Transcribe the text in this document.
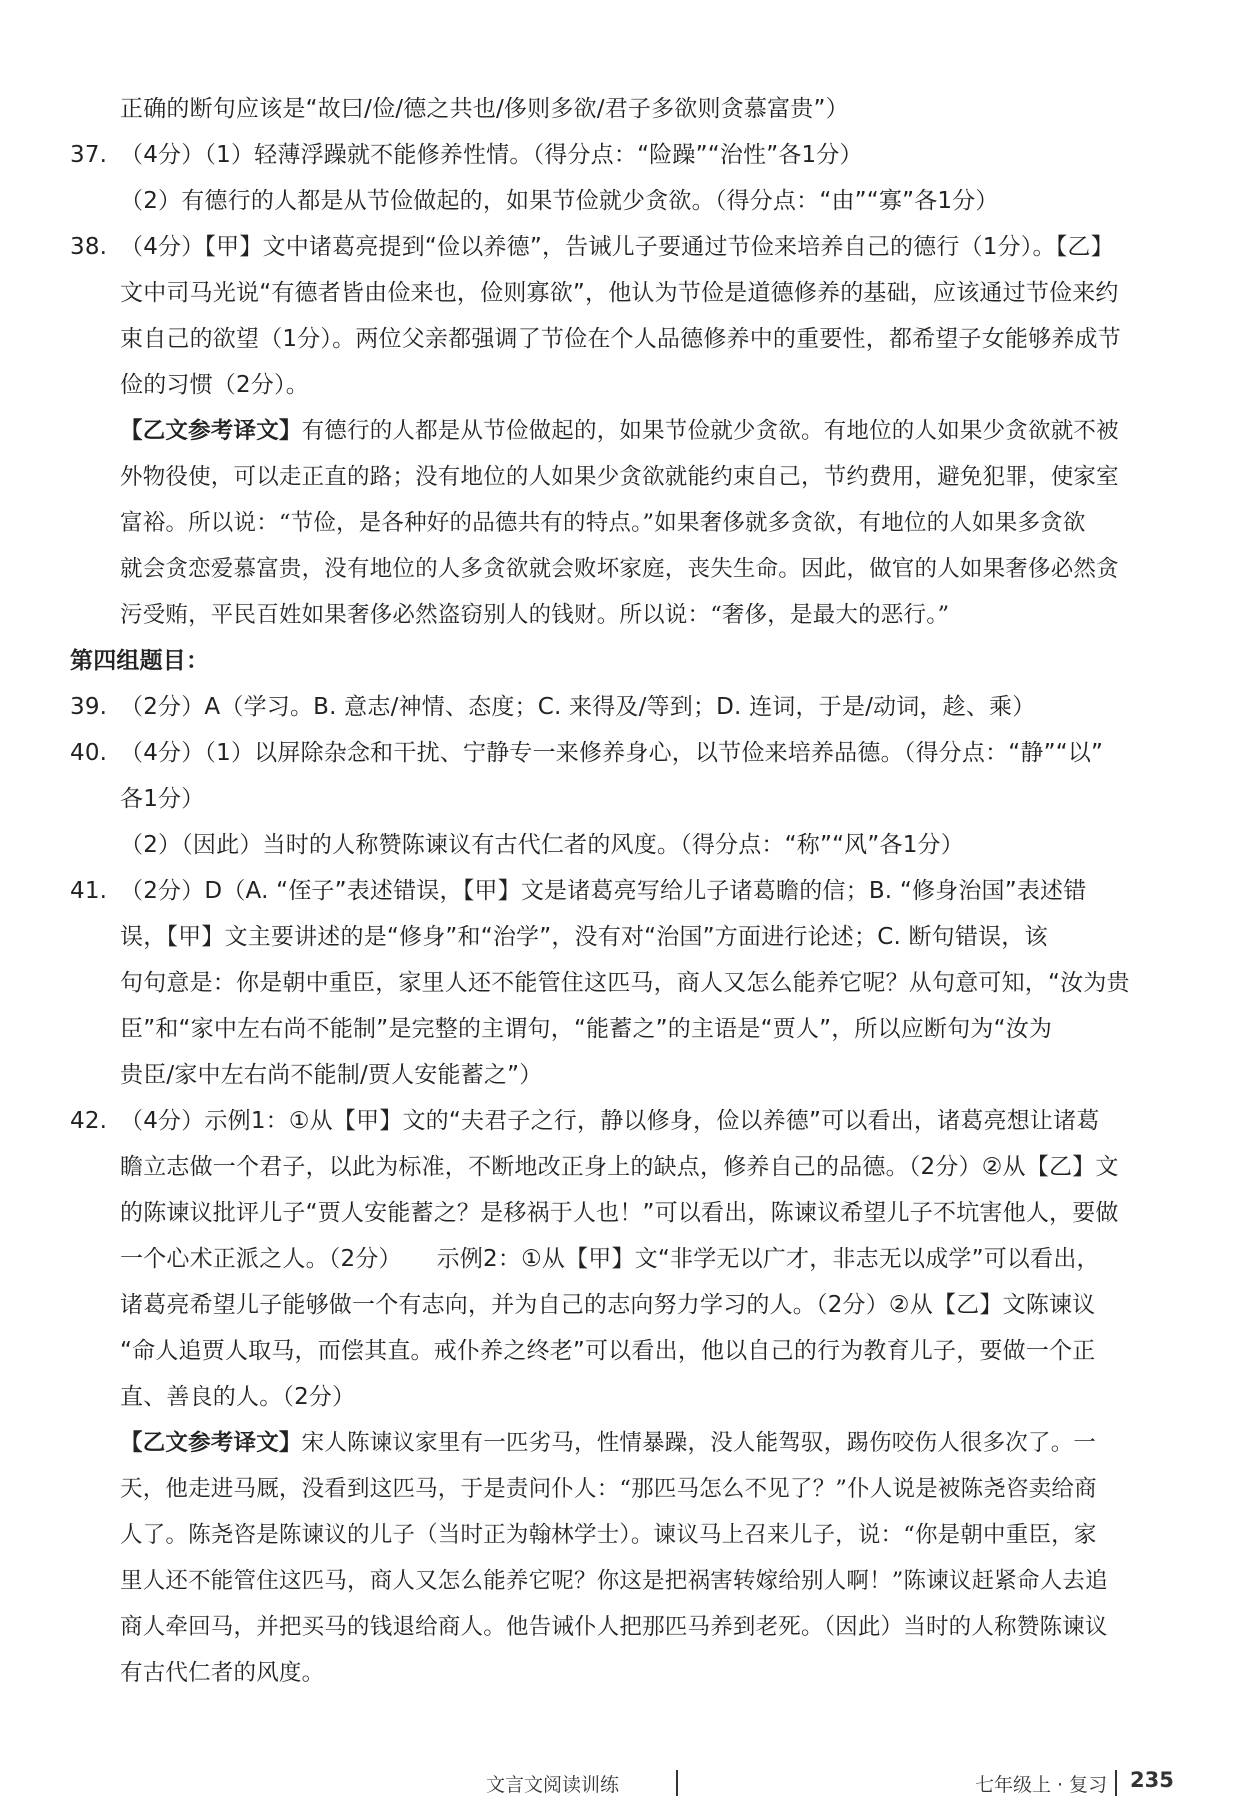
正确的断句应该是“故曰/俭/德之共也/侈则多欲/君子多欲则贪慕富贵”）
37. （4分）（1）轻薄浮躁就不能修养性情。（得分点：“险躁”“治性”各1分）
（2）有德行的人都是从节俭做起的，如果节俭就少贪欲。（得分点：“由”“寡”各1分）
38. （4分）【甲】文中诸葛亮提到“俭以养德”，告诫儿子要通过节俭来培养自己的德行（1分）。【乙】
文中司马光说“有德者皆由俭来也，俭则寡欲”，他认为节俭是道德修养的基础，应该通过节俭来约
束自己的欲望（1分）。两位父亲都强调了节俭在个人品德修养中的重要性，都希望子女能够养成节
俭的习惯（2分）。
【乙文参考译文】有德行的人都是从节俭做起的，如果节俭就少贪欲。有地位的人如果少贪欲就不被
外物役使，可以走正直的路；没有地位的人如果少贪欲就能约束自己，节约费用，避免犯罪，使家室
富裕。所以说：“节俭，是各种好的品德共有的特点。”如果奢侈就多贪欲，有地位的人如果多贪欲
就会贪恋爱慕富贵，没有地位的人多贪欲就会败坏家庭，丧失生命。因此，做官的人如果奢侈必然贪
污受贿，平民百姓如果奢侈必然盗窃别人的钱财。所以说：“奢侈，是最大的恶行。”
第四组题目：
39. （2分）A（学习。B. 意志/神情、态度；C. 来得及/等到；D. 连词，于是/动词，趁、乘）
40. （4分）（1）以屏除杂念和干扰、宁静专一来修养身心，以节俭来培养品德。（得分点：“静”“以”
各1分）
（2）（因此）当时的人称赞陈谏议有古代仁者的风度。（得分点：“称”“风”各1分）
41. （2分）D（A. “侄子”表述错误，【甲】文是诸葛亮写给儿子诸葛瞻的信；B. “修身治国”表述错
误，【甲】文主要讲述的是“修身”和“治学”，没有对“治国”方面进行论述；C. 断句错误，该
句句意是：你是朝中重臣，家里人还不能管住这匹马，商人又怎么能养它呢？从句意可知，“汝为贵
臣”和“家中左右尚不能制”是完整的主谓句，“能蓄之”的主语是“贾人”，所以应断句为“汝为
贵臣/家中左右尚不能制/贾人安能蓄之”）
42. （4分）示例1：①从【甲】文的“夫君子之行，静以修身，俭以养德”可以看出，诸葛亮想让诸葛
瞻立志做一个君子，以此为标准，不断地改正身上的缺点，修养自己的品德。（2分）②从【乙】文
的陈谏议批评儿子“贾人安能蓄之？是移祸于人也！”可以看出，陈谏议希望儿子不坑害他人，要做
一个心术正派之人。（2分）　　示例2：①从【甲】文“非学无以广才，非志无以成学”可以看出，
诸葛亮希望儿子能够做一个有志向，并为自己的志向努力学习的人。（2分）②从【乙】文陈谏议
“命人追贾人取马，而偿其直。戒仆养之终老”可以看出，他以自己的行为教育儿子，要做一个正
直、善良的人。（2分）
【乙文参考译文】宋人陈谏议家里有一匹劣马，性情暴躁，没人能驾驭，踢伤咬伤人很多次了。一
天，他走进马厩，没看到这匹马，于是责问仆人：“那匹马怎么不见了？”仆人说是被陈尧咨卖给商
人了。陈尧咨是陈谏议的儿子（当时正为翰林学士）。谏议马上召来儿子，说：“你是朝中重臣，家
里人还不能管住这匹马，商人又怎么能养它呢？你这是把祸害转嫁给别人啊！”陈谏议赶紧命人去追
商人牵回马，并把买马的钱退给商人。他告诫仆人把那匹马养到老死。（因此）当时的人称赞陈谏议
有古代仁者的风度。
文言文阅读训练	七年级上 · 复习 235
